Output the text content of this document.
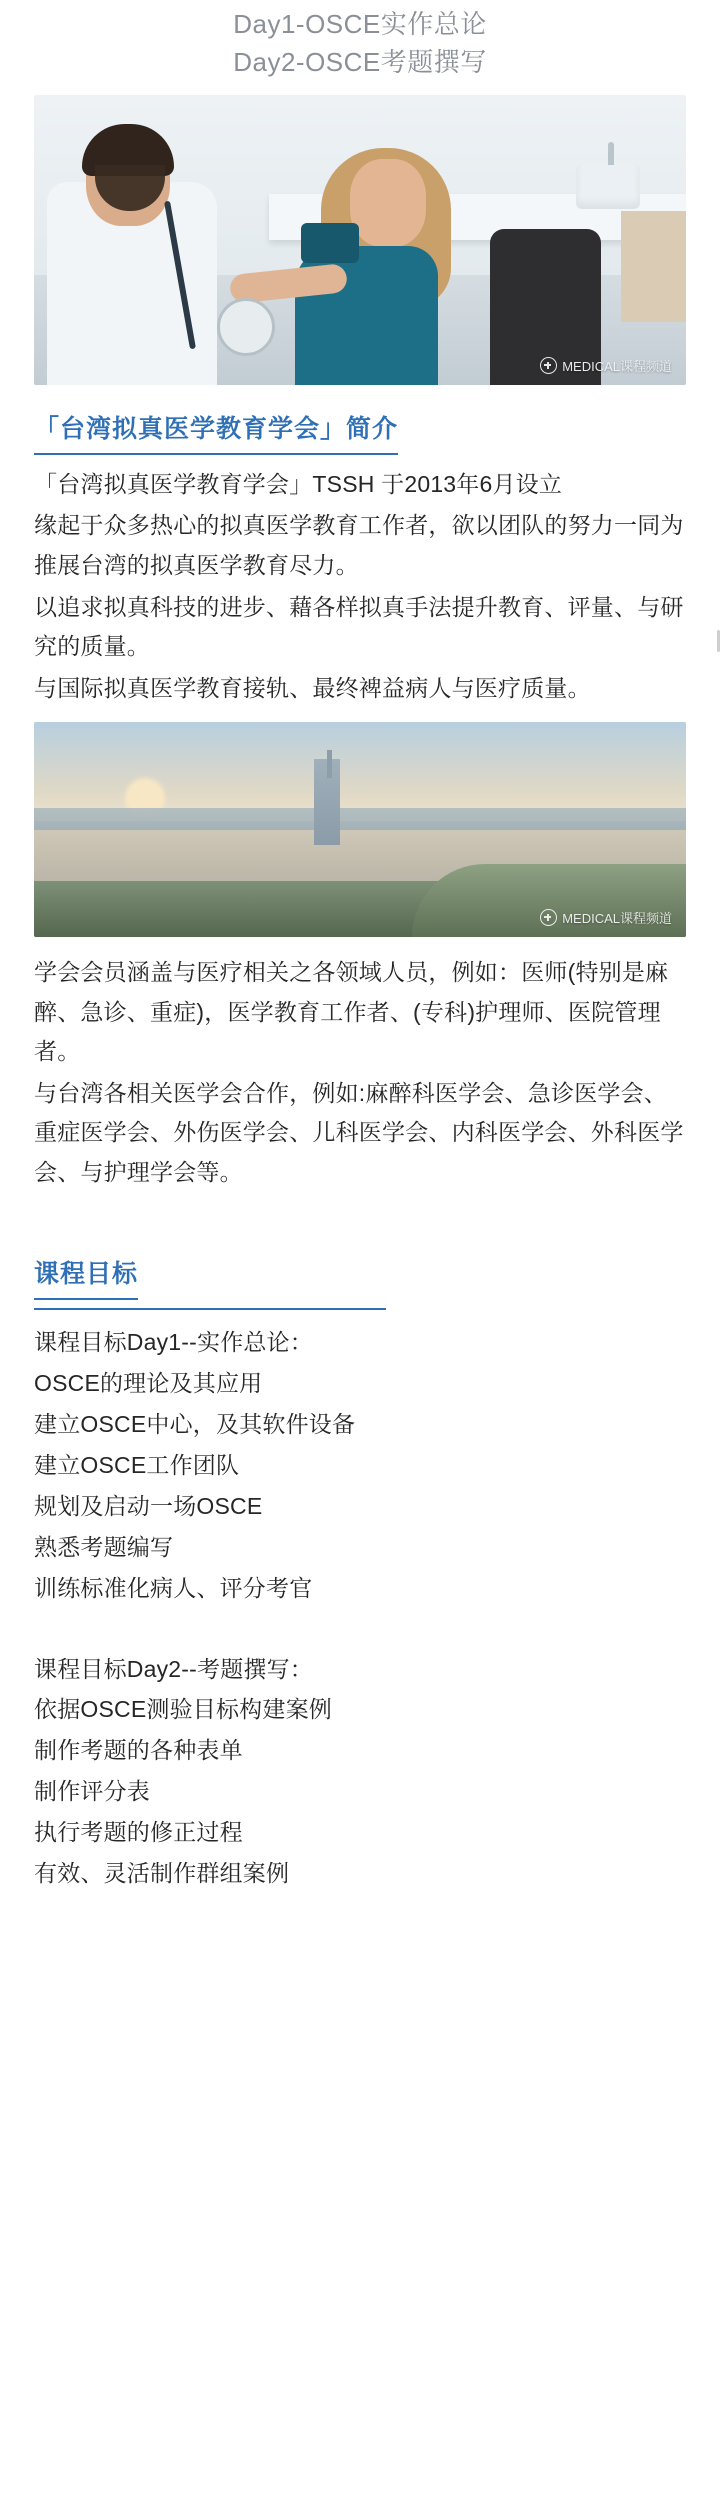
Day1-OSCE实作总论
Day2-OSCE考题撰写
MEDICAL课程频道
「台湾拟真医学教育学会」简介

「台湾拟真医学教育学会」TSSH 于2013年6月设立

缘起于众多热心的拟真医学教育工作者，欲以团队的努力一同为推展台湾的拟真医学教育尽力。

以追求拟真科技的进步、藉各样拟真手法提升教育、评量、与研究的质量。

与国际拟真医学教育接轨、最终裨益病人与医疗质量。

MEDICAL课程频道

学会会员涵盖与医疗相关之各领域人员，例如：医师(特别是麻醉、急诊、重症)，医学教育工作者、(专科)护理师、医院管理者。

与台湾各相关医学会合作，例如:麻醉科医学会、急诊医学会、重症医学会、外伤医学会、儿科医学会、内科医学会、外科医学会、与护理学会等。

课程目标

课程目标Day1--实作总论：

OSCE的理论及其应用

建立OSCE中心，及其软件设备

建立OSCE工作团队

规划及启动一场OSCE

熟悉考题编写

训练标准化病人、评分考官

课程目标Day2--考题撰写：

依据OSCE测验目标构建案例

制作考题的各种表单

制作评分表

执行考题的修正过程

有效、灵活制作群组案例
